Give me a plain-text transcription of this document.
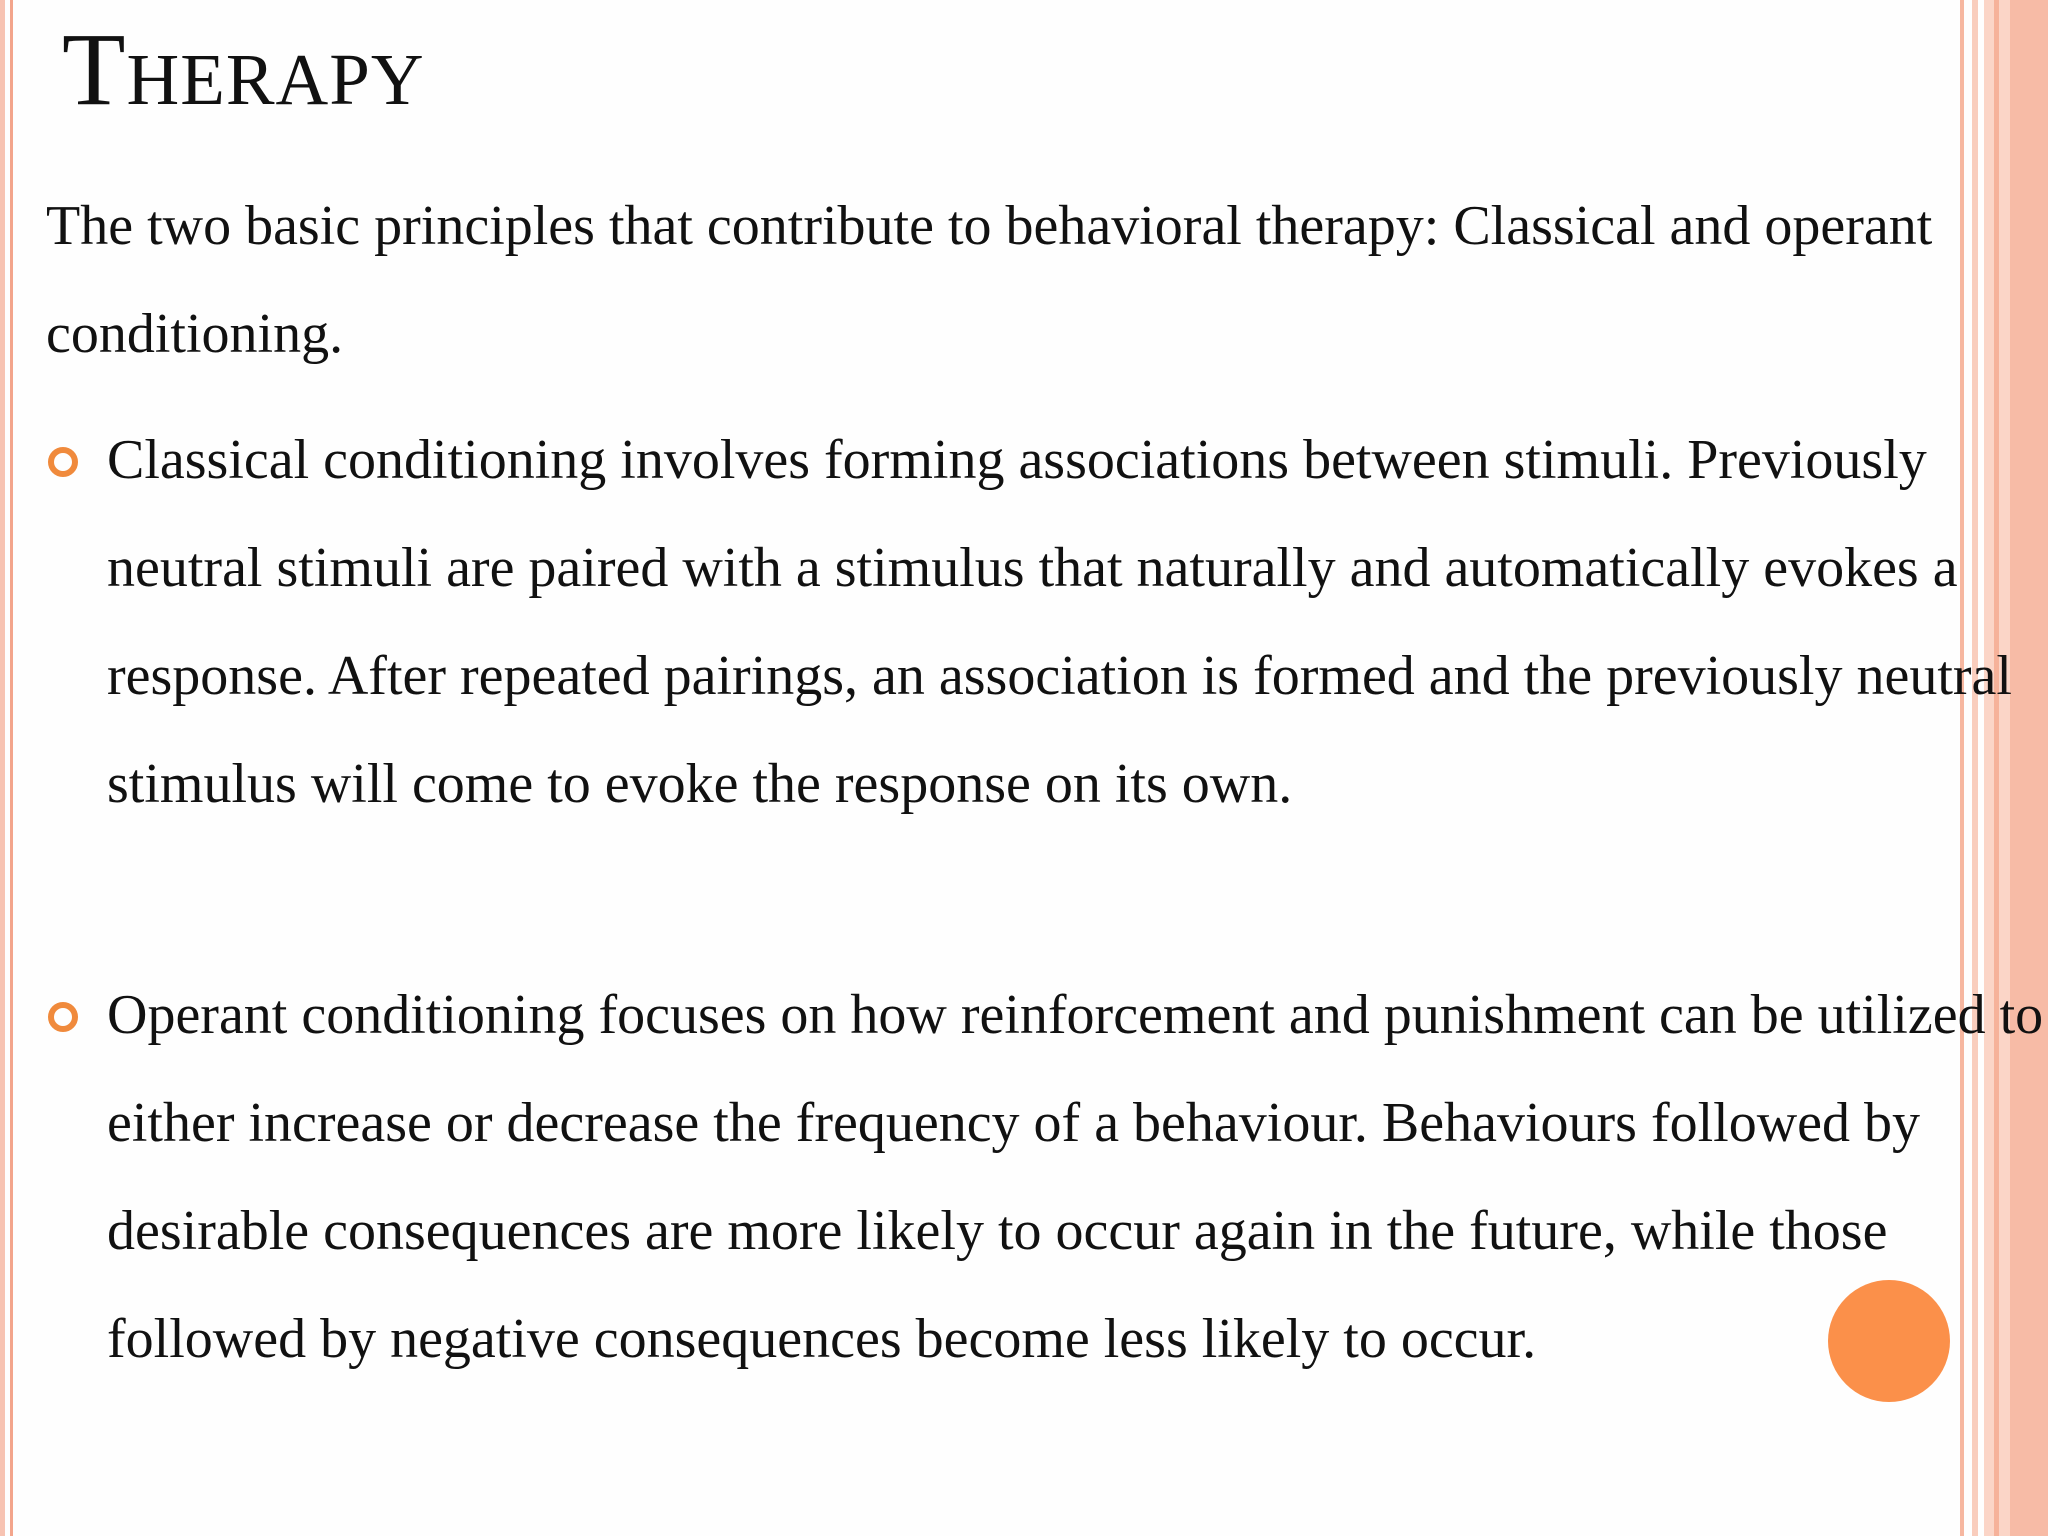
Therapy
The two basic principles that contribute to behavioral therapy: Classical and operant conditioning.
Classical conditioning involves forming associations between stimuli. Previously neutral stimuli are paired with a stimulus that naturally and automatically evokes a response. After repeated pairings, an association is formed and the previously neutral stimulus will come to evoke the response on its own.
Operant conditioning focuses on how reinforcement and punishment can be utilized to either increase or decrease the frequency of a behaviour. Behaviours followed by desirable consequences are more likely to occur again in the future, while those followed by negative consequences become less likely to occur.
